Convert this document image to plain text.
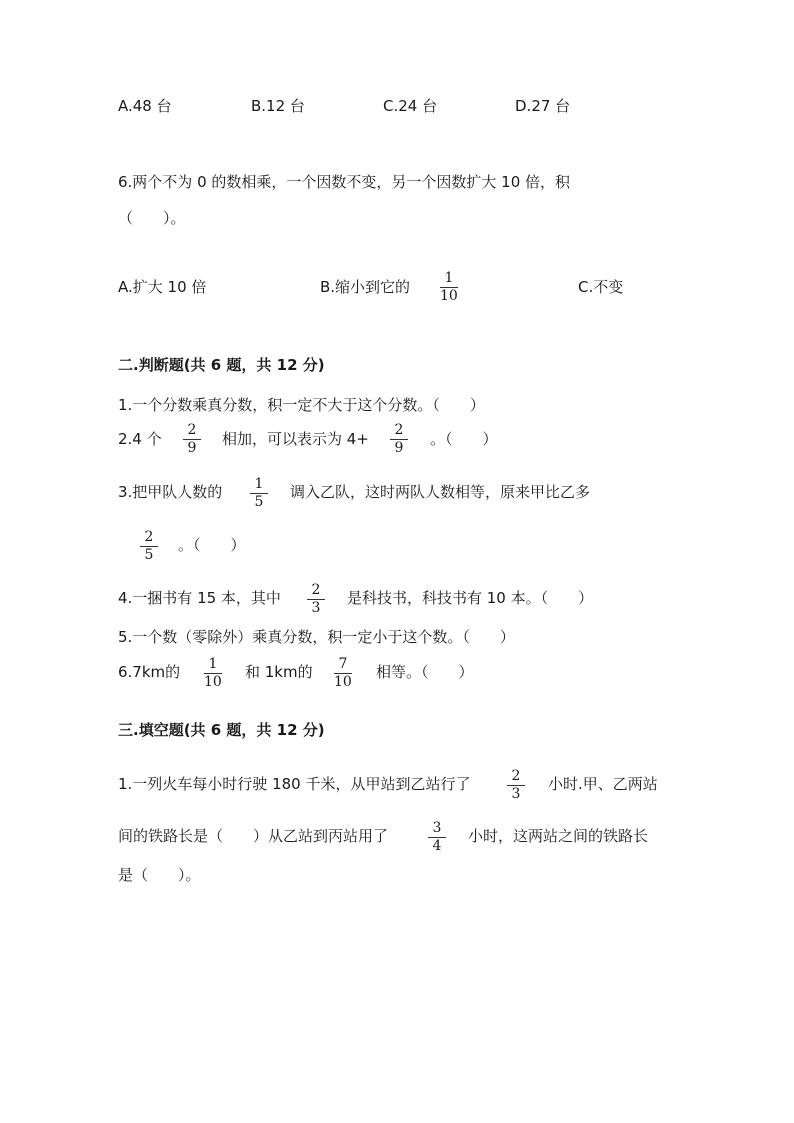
A.48 台	B.12 台	C.24 台	D.27 台
6.两个不为 0 的数相乘，一个因数不变，另一个因数扩大 10 倍，积
（　　）。
A.扩大 10 倍	B.缩小到它的 1
10	C.不变
二.判断题(共 6 题，共 12 分)
1.一个分数乘真分数，积一定不大于这个分数。（　　）
2.4 个 2
9 相加，可以表示为 4+ 2
9 。（　　）
3.把甲队人数的 1
5
调入乙队，这时两队人数相等，原来甲比乙多
2
5
。（　　）
4.一捆书有 15 本，其中 2
3
是科技书，科技书有 10 本。（　　）
5.一个数（零除外）乘真分数，积一定小于这个数。（　　）
6.7km的 1
10
和 1km的 7
10
相等。（　　）
三.填空题(共 6 题，共 12 分)
1.一列火车每小时行驶 180 千米，从甲站到乙站行了	2
3
小时.甲、乙两站
间的铁路长是（　　）从乙站到丙站用了	3
4
小时，这两站之间的铁路长
是（　　）。
